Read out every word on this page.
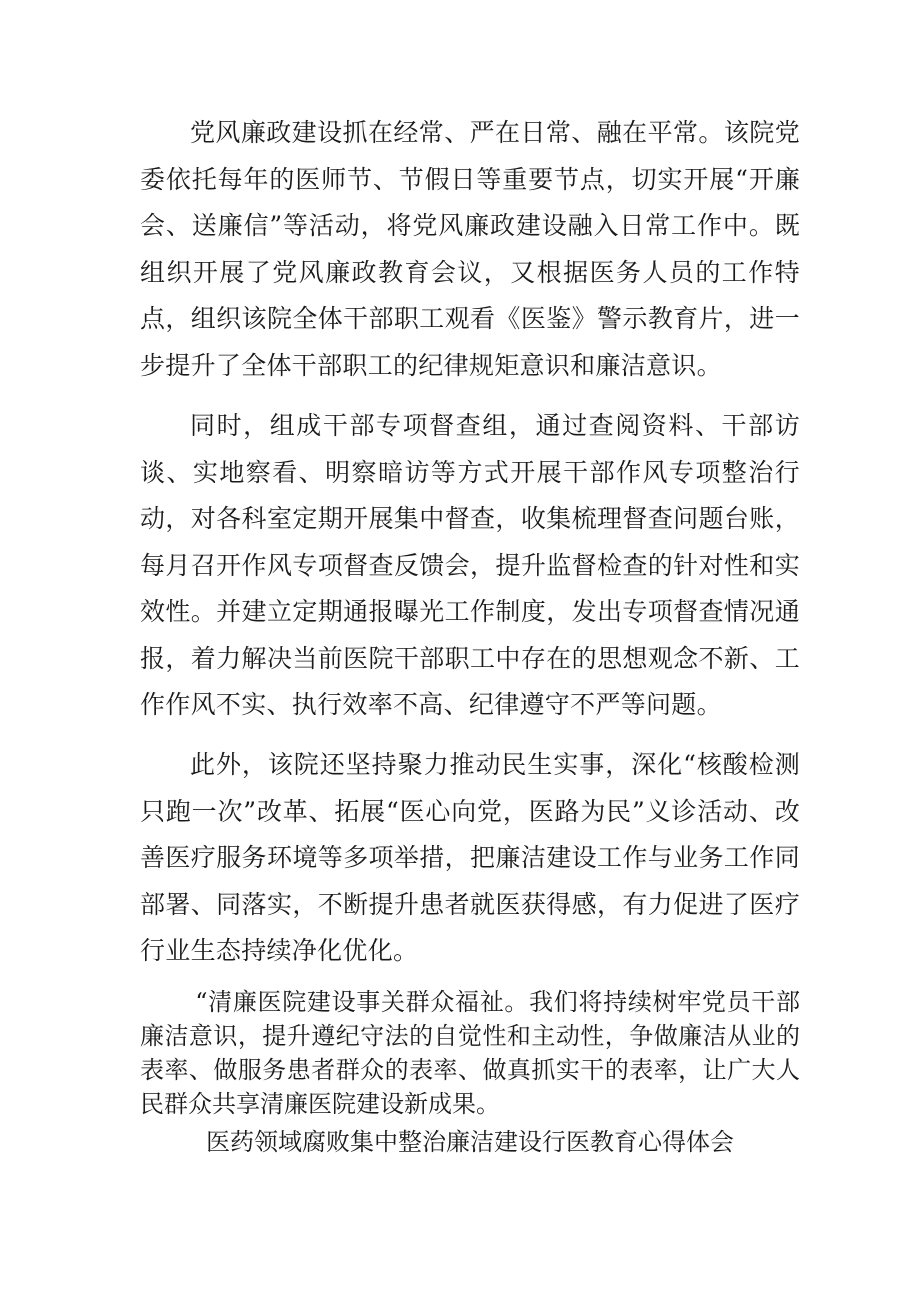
党风廉政建设抓在经常、严在日常、融在平常。该院党委依托每年的医师节、节假日等重要节点，切实开展“开廉会、送廉信”等活动，将党风廉政建设融入日常工作中。既组织开展了党风廉政教育会议，又根据医务人员的工作特点，组织该院全体干部职工观看《医鉴》警示教育片，进一步提升了全体干部职工的纪律规矩意识和廉洁意识。

同时，组成干部专项督查组，通过查阅资料、干部访谈、实地察看、明察暗访等方式开展干部作风专项整治行动，对各科室定期开展集中督查，收集梳理督查问题台账，每月召开作风专项督查反馈会，提升监督检查的针对性和实效性。并建立定期通报曝光工作制度，发出专项督查情况通报，着力解决当前医院干部职工中存在的思想观念不新、工作作风不实、执行效率不高、纪律遵守不严等问题。

此外，该院还坚持聚力推动民生实事，深化“核酸检测只跑一次”改革、拓展“医心向党，医路为民”义诊活动、改善医疗服务环境等多项举措，把廉洁建设工作与业务工作同部署、同落实，不断提升患者就医获得感，有力促进了医疗行业生态持续净化优化。

“清廉医院建设事关群众福祉。我们将持续树牢党员干部廉洁意识，提升遵纪守法的自觉性和主动性，争做廉洁从业的表率、做服务患者群众的表率、做真抓实干的表率，让广大人民群众共享清廉医院建设新成果。

医药领域腐败集中整治廉洁建设行医教育心得体会
